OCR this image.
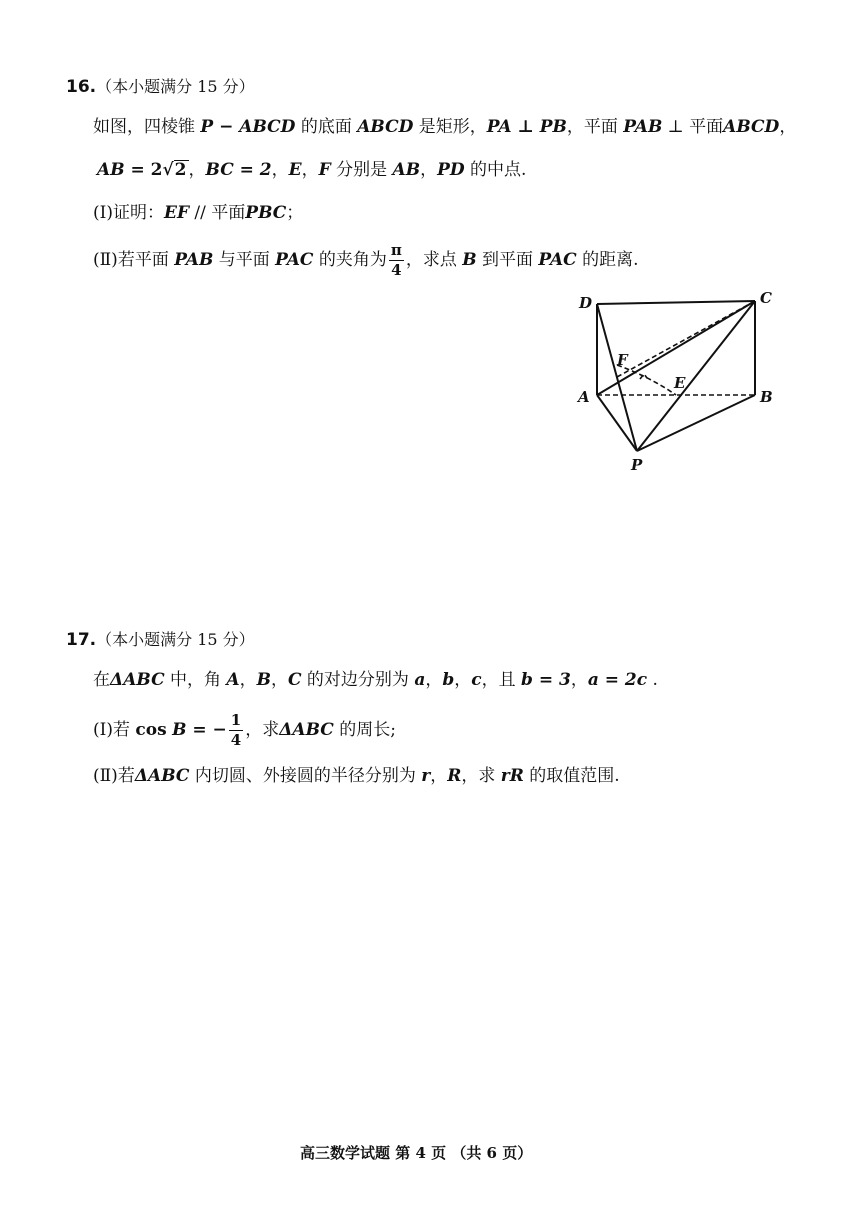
16.（本小题满分 15 分）
如图，四棱锥 P − ABCD 的底面 ABCD 是矩形，PA ⊥ PB，平面 PAB ⊥ 平面ABCD，
AB = 2√2 ，BC = 2，E，F 分别是 AB，PD 的中点.
(Ⅰ)证明：EF // 平面PBC；
(Ⅱ)若平面 PAB 与平面 PAC 的夹角为 $\frac{\pi}{4}$ ，求点 B 到平面 PAC 的距离.
D	C
F
E
A	B
P
17.（本小题满分 15 分）
在ΔABC 中，角 A，B，C 的对边分别为 a，b，c，且 b = 3，a = 2c .
(Ⅰ)若 cos B = − $\frac{1}{4}$ ，求ΔABC 的周长;
(Ⅱ)若ΔABC 内切圆、外接圆的半径分别为 r，R，求 rR 的取值范围.
高三数学试题 第 4 页 （共 6 页）
